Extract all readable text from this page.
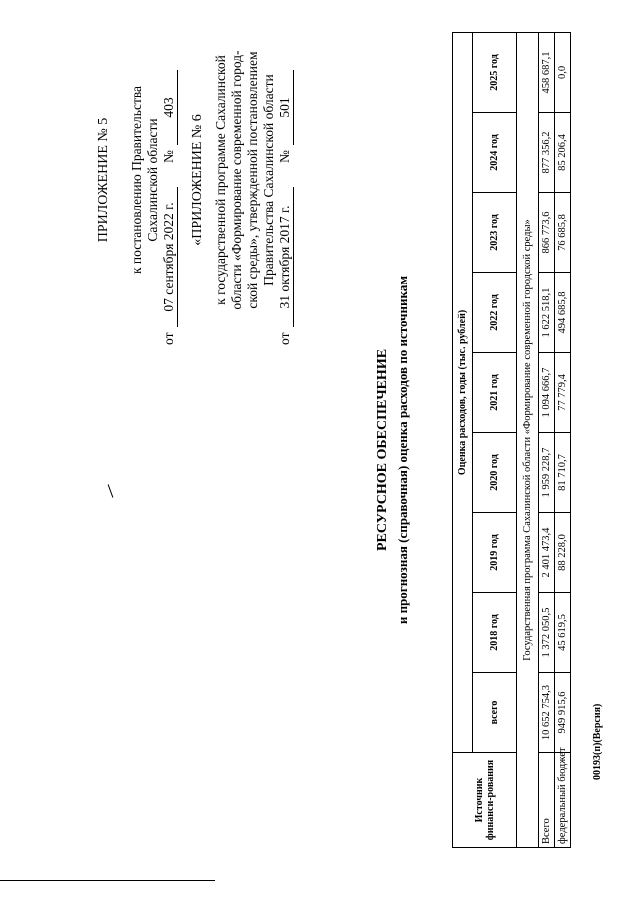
ПРИЛОЖЕНИЕ № 5 к постановлению Правительства Сахалинской области
от
07 сентября 2022 г.
№
403
«ПРИЛОЖЕНИЕ № 6 к государственной программе Сахалинской области «Формирование современной город- ской среды», утвержденной постановлением Правительства Сахалинской области
от
31 октября 2017 г.
№
501
РЕСУРСНОЕ ОБЕСПЕЧЕНИЕ и прогнозная (справочная) оценка расходов по источникам
Источник финанси-рования	Оценка расходов, годы (тыс. рублей)								
	всего	2018 год	2019 год	2020 год	2021 год	2022 год	2023 год	2024 год	2025 год
Государственная программа Сахалинской области «Формирование современной городской среды»									
Всего	10 652 754,3	1 372 050,5	2 401 473,4	1 959 228,7	1 094 666,7	1 622 518,1	866 773,6	877 356,2	458 687,1
федеральный бюджет	949 915,6	45 619,5	88 228,0	81 710,7	77 779,4	494 685,8	76 685,8	85 206,4	0,0
00193(п)(Версия)
